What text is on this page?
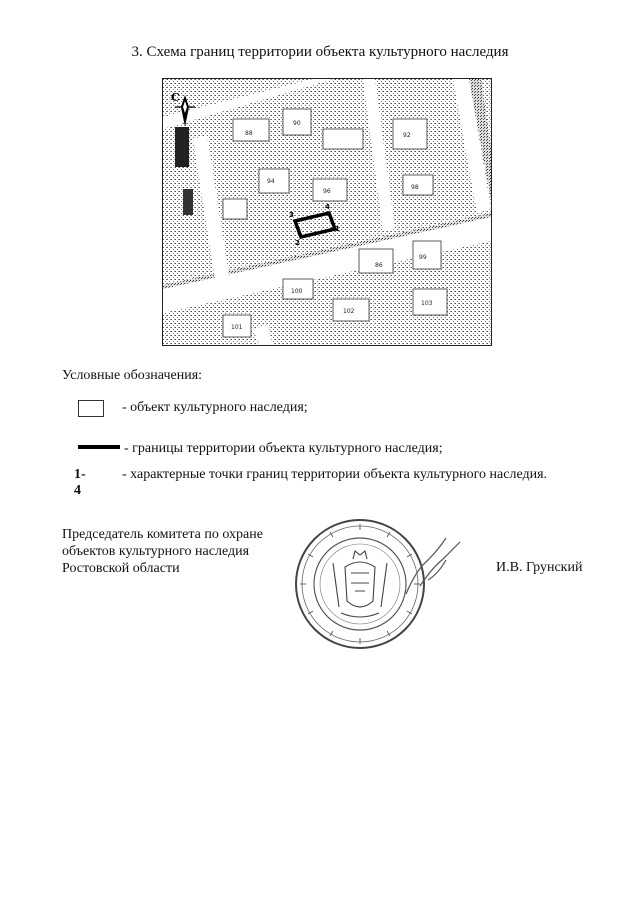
3. Схема границ территории объекта культурного наследия
С
1
2
3
4
86
88
90
92
94
96
98
99
100
101
102
103
Условные обозначения:
- объект культурного наследия;
- границы территории объекта культурного наследия;
1-4
- характерные точки границ территории объекта культурного наследия.
Председатель комитета по охране
объектов культурного наследия
Ростовской области	И.В. Грунский
